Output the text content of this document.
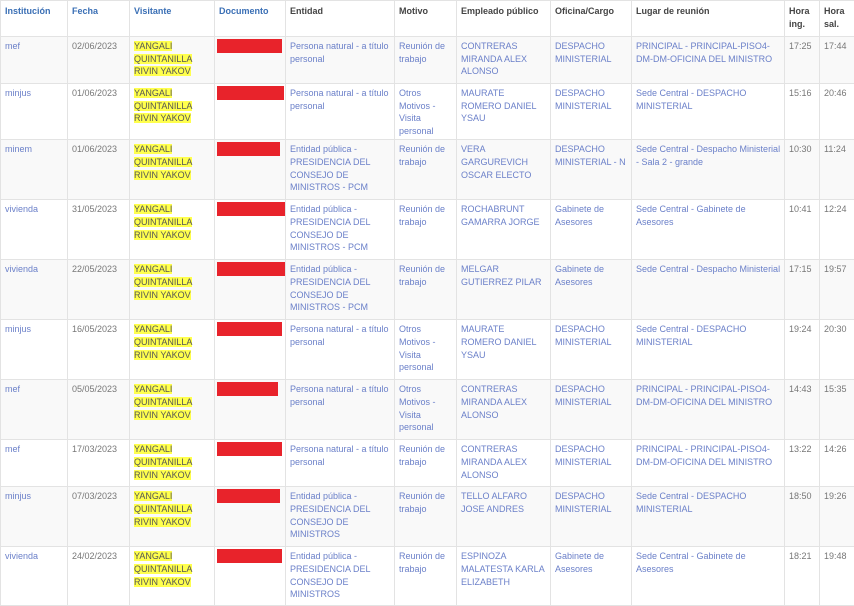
Institución	Fecha	Visitante	Documento	Entidad	Motivo	Empleado público	Oficina/Cargo	Lugar de reunión	Hora ing.	Hora sal.
mef	02/06/2023	YANGALI QUINTANILLA RIVIN YAKOV		Persona natural - a título personal	Reunión de trabajo	CONTRERAS MIRANDA ALEX ALONSO	DESPACHO MINISTERIAL	PRINCIPAL - PRINCIPAL-PISO4-DM-DM-OFICINA DEL MINISTRO	17:25	17:44
minjus	01/06/2023	YANGALI QUINTANILLA RIVIN YAKOV		Persona natural - a título personal	Otros Motivos - Visita personal	MAURATE ROMERO DANIEL YSAU	DESPACHO MINISTERIAL	Sede Central - DESPACHO MINISTERIAL	15:16	20:46
minem	01/06/2023	YANGALI QUINTANILLA RIVIN YAKOV		Entidad pública - PRESIDENCIA DEL CONSEJO DE MINISTROS - PCM	Reunión de trabajo	VERA GARGUREVICH OSCAR ELECTO	DESPACHO MINISTERIAL - N	Sede Central - Despacho Ministerial - Sala 2 - grande	10:30	11:24
vivienda	31/05/2023	YANGALI QUINTANILLA RIVIN YAKOV		Entidad pública - PRESIDENCIA DEL CONSEJO DE MINISTROS - PCM	Reunión de trabajo	ROCHABRUNT GAMARRA JORGE	Gabinete de Asesores	Sede Central - Gabinete de Asesores	10:41	12:24
vivienda	22/05/2023	YANGALI QUINTANILLA RIVIN YAKOV		Entidad pública - PRESIDENCIA DEL CONSEJO DE MINISTROS - PCM	Reunión de trabajo	MELGAR GUTIERREZ PILAR	Gabinete de Asesores	Sede Central - Despacho Ministerial	17:15	19:57
minjus	16/05/2023	YANGALI QUINTANILLA RIVIN YAKOV		Persona natural - a título personal	Otros Motivos - Visita personal	MAURATE ROMERO DANIEL YSAU	DESPACHO MINISTERIAL	Sede Central - DESPACHO MINISTERIAL	19:24	20:30
mef	05/05/2023	YANGALI QUINTANILLA RIVIN YAKOV		Persona natural - a título personal	Otros Motivos - Visita personal	CONTRERAS MIRANDA ALEX ALONSO	DESPACHO MINISTERIAL	PRINCIPAL - PRINCIPAL-PISO4-DM-DM-OFICINA DEL MINISTRO	14:43	15:35
mef	17/03/2023	YANGALI QUINTANILLA RIVIN YAKOV		Persona natural - a título personal	Reunión de trabajo	CONTRERAS MIRANDA ALEX ALONSO	DESPACHO MINISTERIAL	PRINCIPAL - PRINCIPAL-PISO4-DM-DM-OFICINA DEL MINISTRO	13:22	14:26
minjus	07/03/2023	YANGALI QUINTANILLA RIVIN YAKOV		Entidad pública - PRESIDENCIA DEL CONSEJO DE MINISTROS	Reunión de trabajo	TELLO ALFARO JOSE ANDRES	DESPACHO MINISTERIAL	Sede Central - DESPACHO MINISTERIAL	18:50	19:26
vivienda	24/02/2023	YANGALI QUINTANILLA RIVIN YAKOV		Entidad pública - PRESIDENCIA DEL CONSEJO DE MINISTROS	Reunión de trabajo	ESPINOZA MALATESTA KARLA ELIZABETH	Gabinete de Asesores	Sede Central - Gabinete de Asesores	18:21	19:48
